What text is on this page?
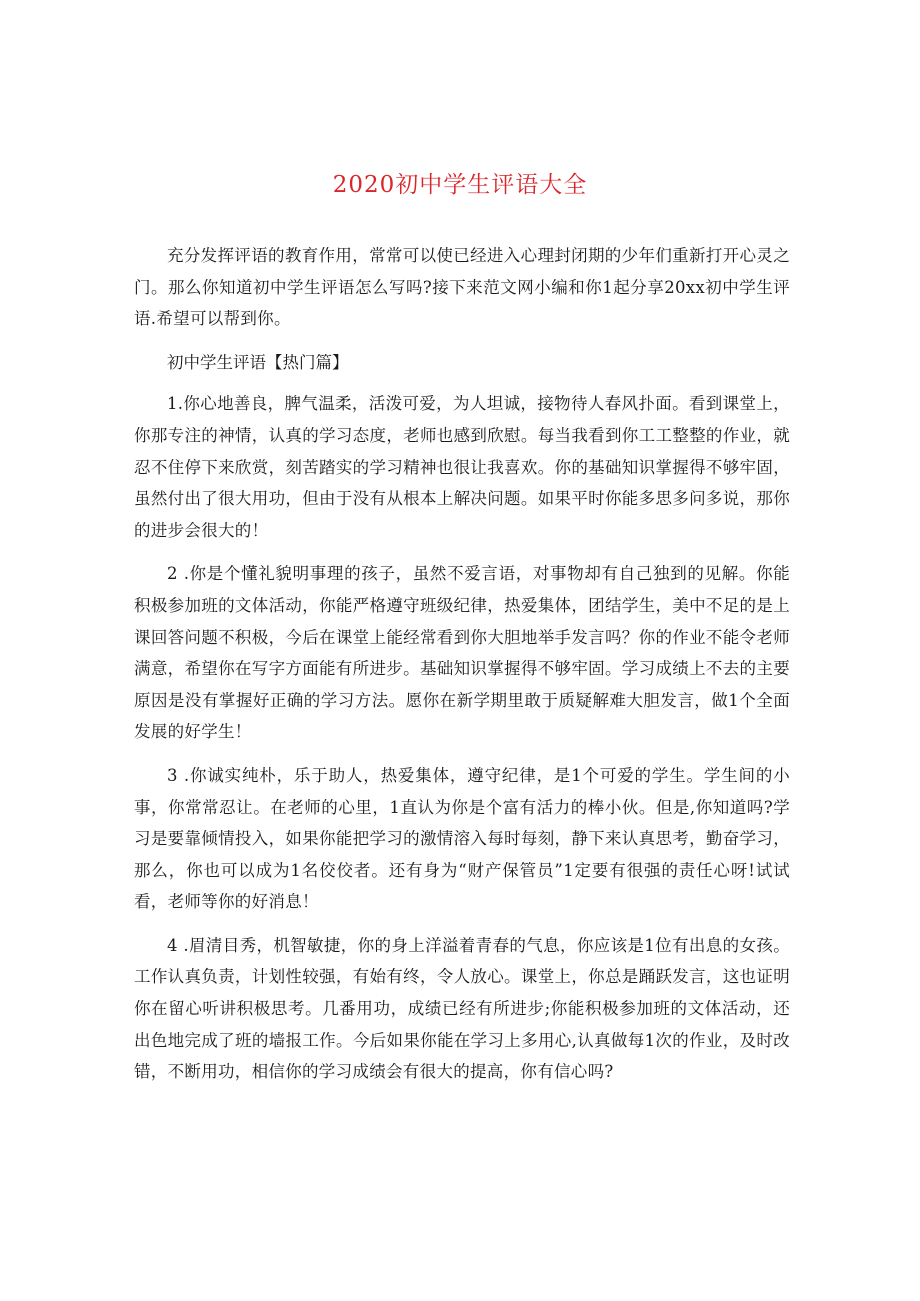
2020初中学生评语大全

充分发挥评语的教育作用，常常可以使已经进入心理封闭期的少年们重新打开心灵之门。那么你知道初中学生评语怎么写吗?接下来范文网小编和你1起分享20xx初中学生评语.希望可以帮到你。

初中学生评语【热门篇】

1.你心地善良，脾气温柔，活泼可爱，为人坦诚，接物待人春风扑面。看到课堂上，你那专注的神情，认真的学习态度，老师也感到欣慰。每当我看到你工工整整的作业，就忍不住停下来欣赏，刻苦踏实的学习精神也很让我喜欢。你的基础知识掌握得不够牢固，虽然付出了很大用功，但由于没有从根本上解决问题。如果平时你能多思多问多说，那你的进步会很大的！

2 .你是个懂礼貌明事理的孩子，虽然不爱言语，对事物却有自己独到的见解。你能积极参加班的文体活动，你能严格遵守班级纪律，热爱集体，团结学生，美中不足的是上课回答问题不积极，今后在课堂上能经常看到你大胆地举手发言吗？你的作业不能令老师满意，希望你在写字方面能有所进步。基础知识掌握得不够牢固。学习成绩上不去的主要原因是没有掌握好正确的学习方法。愿你在新学期里敢于质疑解难大胆发言，做1个全面发展的好学生！

3 .你诚实纯朴，乐于助人，热爱集体，遵守纪律，是1个可爱的学生。学生间的小事，你常常忍让。在老师的心里，1直认为你是个富有活力的棒小伙。但是,你知道吗?学习是要靠倾情投入，如果你能把学习的激情溶入每时每刻，静下来认真思考，勤奋学习，那么，你也可以成为1名佼佼者。还有身为“财产保管员”1定要有很强的责任心呀!试试看，老师等你的好消息！

4 .眉清目秀，机智敏捷，你的身上洋溢着青春的气息，你应该是1位有出息的女孩。工作认真负责，计划性较强，有始有终，令人放心。课堂上，你总是踊跃发言，这也证明你在留心听讲积极思考。几番用功，成绩已经有所进步;你能积极参加班的文体活动，还出色地完成了班的墙报工作。今后如果你能在学习上多用心,认真做每1次的作业，及时改错，不断用功，相信你的学习成绩会有很大的提高，你有信心吗?
